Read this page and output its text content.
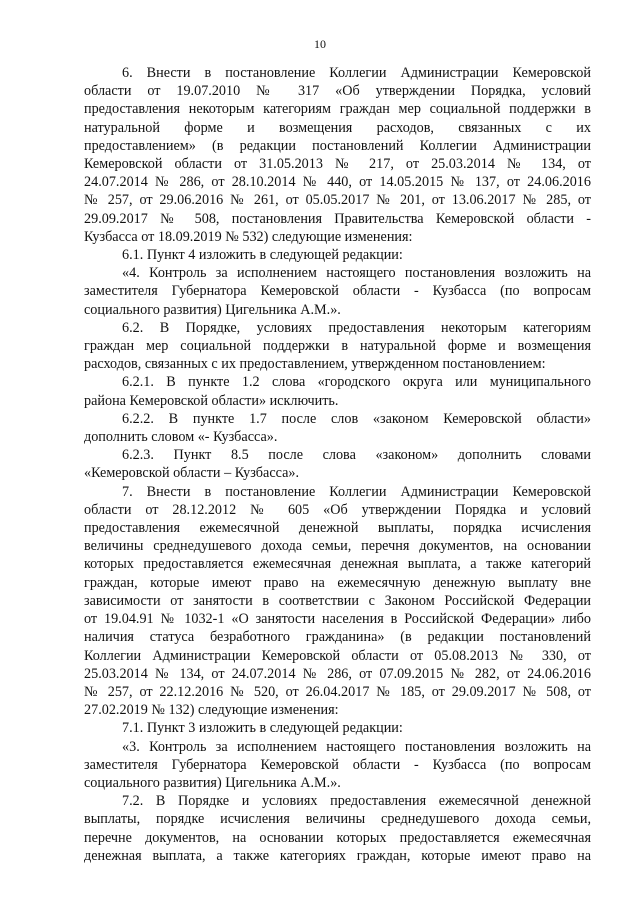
10
6. Внести в постановление Коллегии Администрации Кемеровской
области от 19.07.2010 № 317 «Об утверждении Порядка, условий
предоставления некоторым категориям граждан мер социальной поддержки в
натуральной форме и возмещения расходов, связанных с их
предоставлением» (в редакции постановлений Коллегии Администрации
Кемеровской области от 31.05.2013 № 217, от 25.03.2014 № 134, от
24.07.2014 № 286, от 28.10.2014 № 440, от 14.05.2015 № 137, от 24.06.2016
№ 257, от 29.06.2016 № 261, от 05.05.2017 № 201, от 13.06.2017 № 285, от
29.09.2017 № 508, постановления Правительства Кемеровской области -
Кузбасса от 18.09.2019 № 532) следующие изменения:
6.1. Пункт 4 изложить в следующей редакции:
«4. Контроль за исполнением настоящего постановления возложить на
заместителя Губернатора Кемеровской области - Кузбасса (по вопросам
социального развития) Цигельника А.М.».
6.2. В Порядке, условиях предоставления некоторым категориям
граждан мер социальной поддержки в натуральной форме и возмещения
расходов, связанных с их предоставлением, утвержденном постановлением:
6.2.1. В пункте 1.2 слова «городского округа или муниципального
района Кемеровской области» исключить.
6.2.2. В пункте 1.7 после слов «законом Кемеровской области»
дополнить словом «- Кузбасса».
6.2.3. Пункт 8.5 после слова «законом» дополнить словами
«Кемеровской области – Кузбасса».
7. Внести в постановление Коллегии Администрации Кемеровской
области от 28.12.2012 № 605 «Об утверждении Порядка и условий
предоставления ежемесячной денежной выплаты, порядка исчисления
величины среднедушевого дохода семьи, перечня документов, на основании
которых предоставляется ежемесячная денежная выплата, а также категорий
граждан, которые имеют право на ежемесячную денежную выплату вне
зависимости от занятости в соответствии с Законом Российской Федерации
от 19.04.91 № 1032-1 «О занятости населения в Российской Федерации» либо
наличия статуса безработного гражданина» (в редакции постановлений
Коллегии Администрации Кемеровской области от 05.08.2013 № 330, от
25.03.2014 № 134, от 24.07.2014 № 286, от 07.09.2015 № 282, от 24.06.2016
№ 257, от 22.12.2016 № 520, от 26.04.2017 № 185, от 29.09.2017 № 508, от
27.02.2019 № 132) следующие изменения:
7.1. Пункт 3 изложить в следующей редакции:
«3. Контроль за исполнением настоящего постановления возложить на
заместителя Губернатора Кемеровской области - Кузбасса (по вопросам
социального развития) Цигельника А.М.».
7.2. В Порядке и условиях предоставления ежемесячной денежной
выплаты, порядке исчисления величины среднедушевого дохода семьи,
перечне документов, на основании которых предоставляется ежемесячная
денежная выплата, а также категориях граждан, которые имеют право на
